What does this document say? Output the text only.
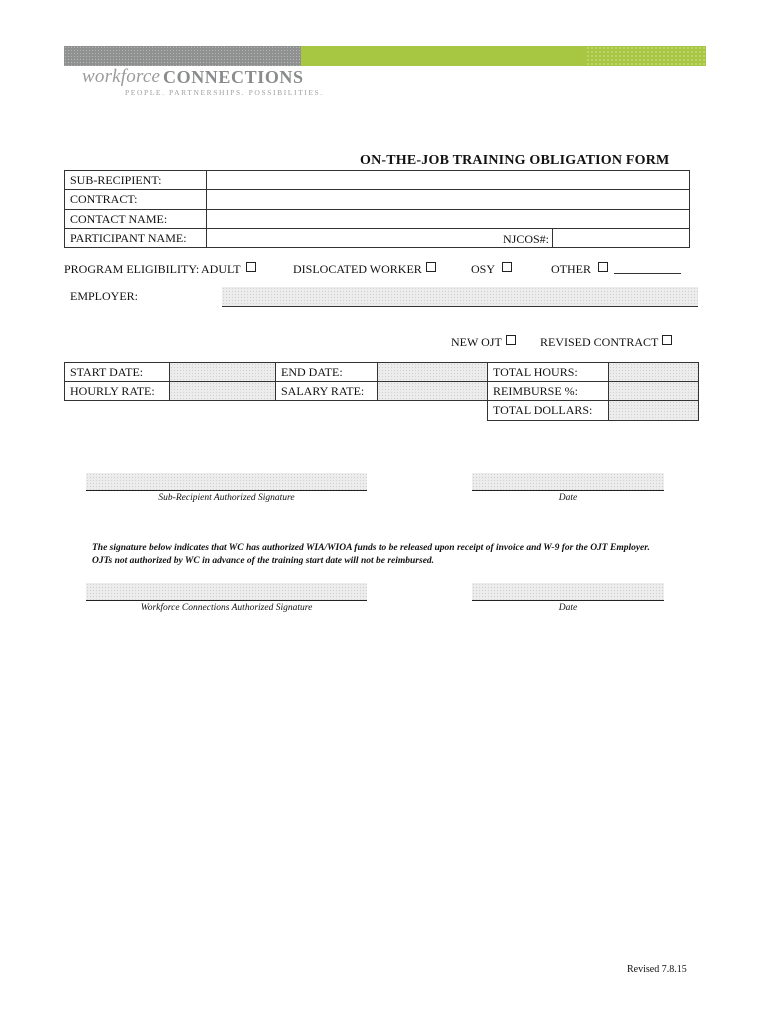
workforce CONNECTIONS
PEOPLE. PARTNERSHIPS. POSSIBILITIES.
ON-THE-JOB TRAINING OBLIGATION FORM
SUB-RECIPIENT:
CONTRACT:
CONTACT NAME:
PARTICIPANT NAME:	NJCOS#:
PROGRAM ELIGIBILITY: ADULT	DISLOCATED WORKER	OSY	OTHER
EMPLOYER:
NEW OJT	REVISED CONTRACT
START DATE:	END DATE:	TOTAL HOURS:
HOURLY RATE:	SALARY RATE:	REIMBURSE %:
TOTAL DOLLARS:
Sub-Recipient Authorized Signature	Date
The signature below indicates that WC has authorized WIA/WIOA funds to be released upon receipt of invoice and W-9 for the OJT Employer. OJTs not authorized by WC in advance of the training start date will not be reimbursed.
Workforce Connections Authorized Signature	Date
Revised 7.8.15
